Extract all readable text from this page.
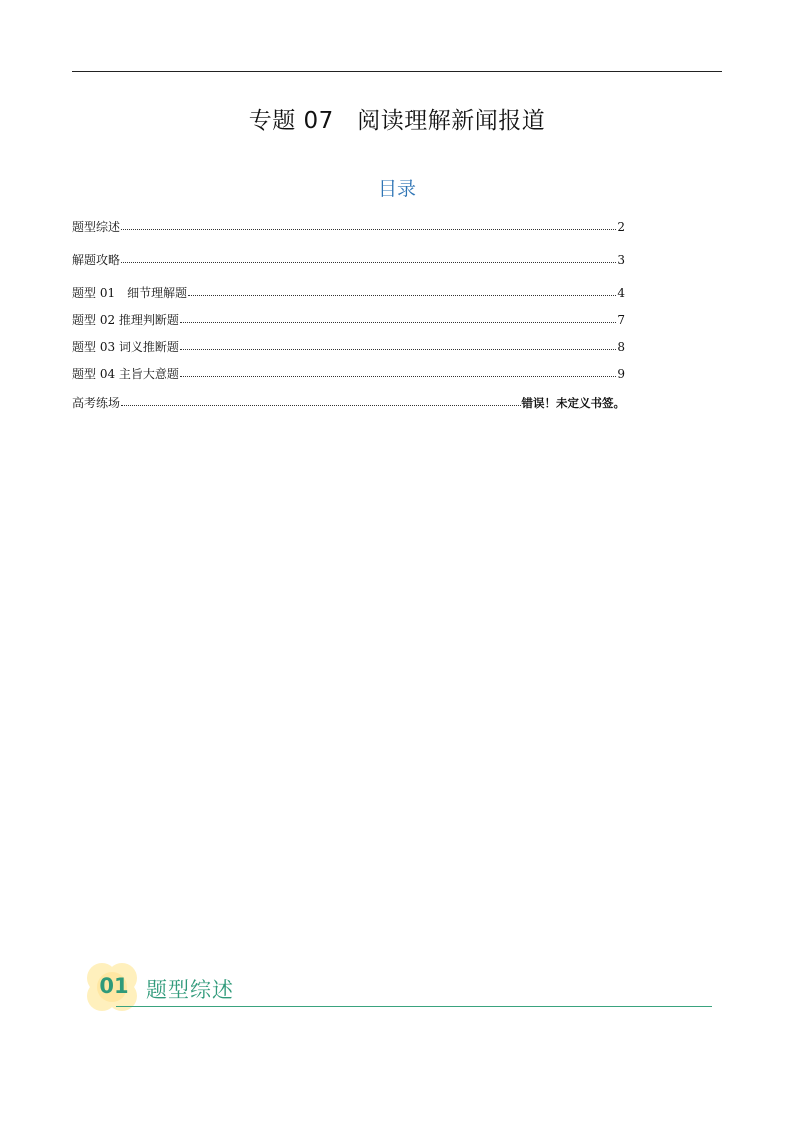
专题 07　阅读理解新闻报道
目录
题型综述	2
解题攻略	3
题型 01　细节理解题	4
题型 02 推理判断题	7
题型 03 词义推断题	8
题型 04 主旨大意题	9
高考练场	错误！未定义书签。
01 题型综述
